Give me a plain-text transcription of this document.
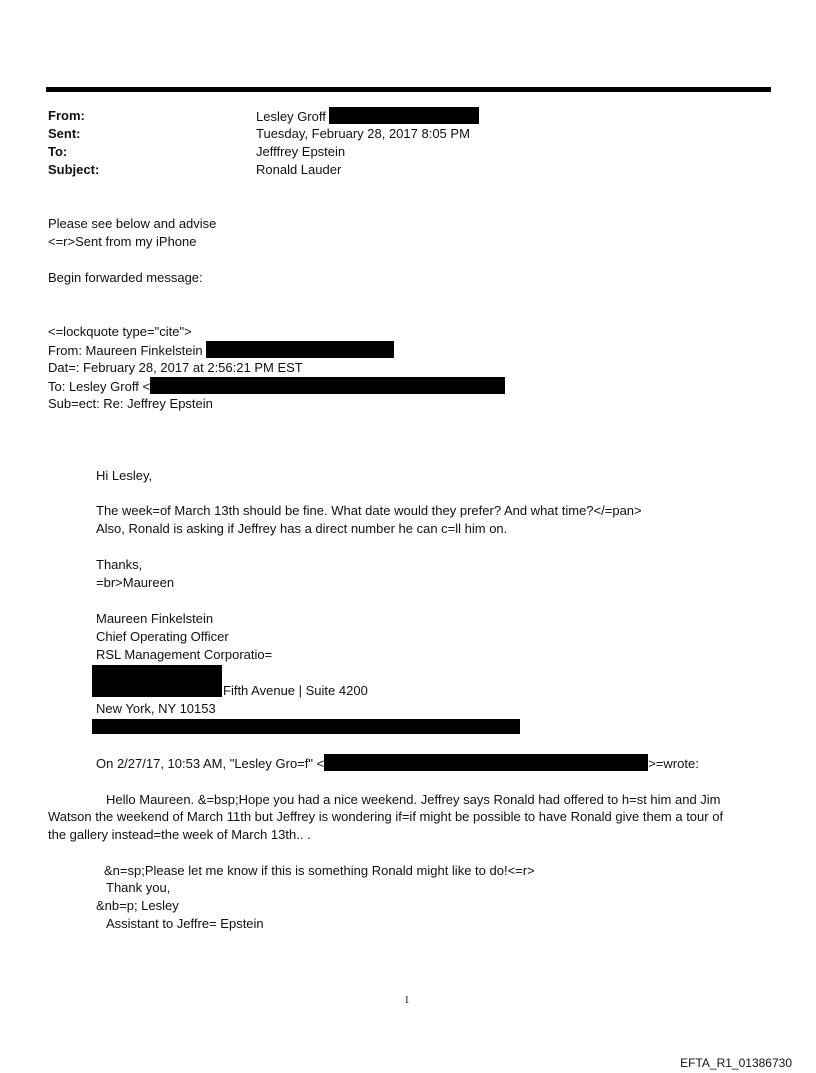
From:	Lesley Groff
Sent:	Tuesday, February 28, 2017 8:05 PM
To:	Jefffrey Epstein
Subject:	Ronald Lauder
Please see below and advise
<=r>Sent from my iPhone
Begin forwarded message:
<=lockquote type="cite">
From: Maureen Finkelstein
Dat=: February 28, 2017 at 2:56:21 PM EST
To: Lesley Groff <
Sub=ect: Re: Jeffrey Epstein
Hi Lesley,
The week=of March 13th should be fine. What date would they prefer? And what time?</=pan>
Also, Ronald is asking if Jeffrey has a direct number he can c=ll him on.
Thanks,
=br>Maureen
Maureen Finkelstein
Chief Operating Officer
RSL Management Corporatio=
Fifth Avenue | Suite 4200
New York, NY 10153
On 2/27/17, 10:53 AM, "Lesley Gro=f" <	>=wrote:
Hello Maureen. &=bsp;Hope you had a nice weekend. Jeffrey says Ronald had offered to h=st him and Jim
Watson the weekend of March 11th but Jeffrey is wondering if=if might be possible to have Ronald give them a tour of
the gallery instead=the week of March 13th.. .
&n=sp;Please let me know if this is something Ronald might like to do!<=r>
Thank you,
&nb=p; Lesley
Assistant to Jeffre= Epstein
1
EFTA_R1_01386730
